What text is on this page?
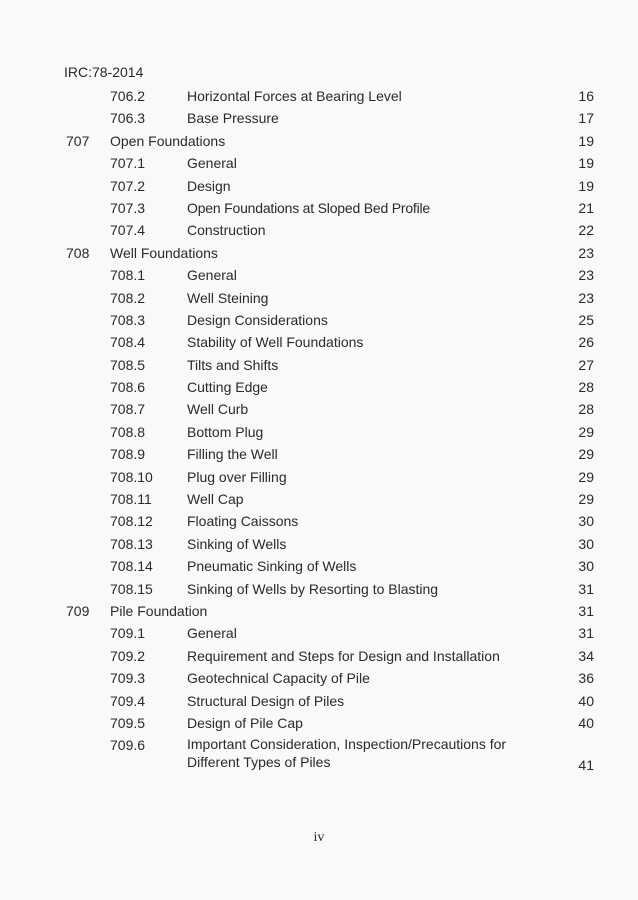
IRC:78-2014
706.2	Horizontal Forces at Bearing Level	16
706.3	Base Pressure	17
707 Open Foundations	19
707.1	General	19
707.2	Design	19
707.3	Open Foundations at Sloped Bed Profile	21
707.4	Construction	22
708 Well Foundations	23
708.1	General	23
708.2	Well Steining	23
708.3	Design Considerations	25
708.4	Stability of Well Foundations	26
708.5	Tilts and Shifts	27
708.6	Cutting Edge	28
708.7	Well Curb	28
708.8	Bottom Plug	29
708.9	Filling the Well	29
708.10 Plug over Filling	29
708.11	Well Cap	29
708.12 Floating Caissons	30
708.13 Sinking of Wells	30
708.14 Pneumatic Sinking of Wells	30
708.15 Sinking of Wells by Resorting to Blasting	31
709 Pile Foundation	31
709.1	General	31
709.2	Requirement and Steps for Design and Installation	34
709.3	Geotechnical Capacity of Pile	36
709.4	Structural Design of Piles	40
709.5	Design of Pile Cap	40
709.6	Important Consideration, Inspection/Precautions for Different Types of Piles	41
iv
